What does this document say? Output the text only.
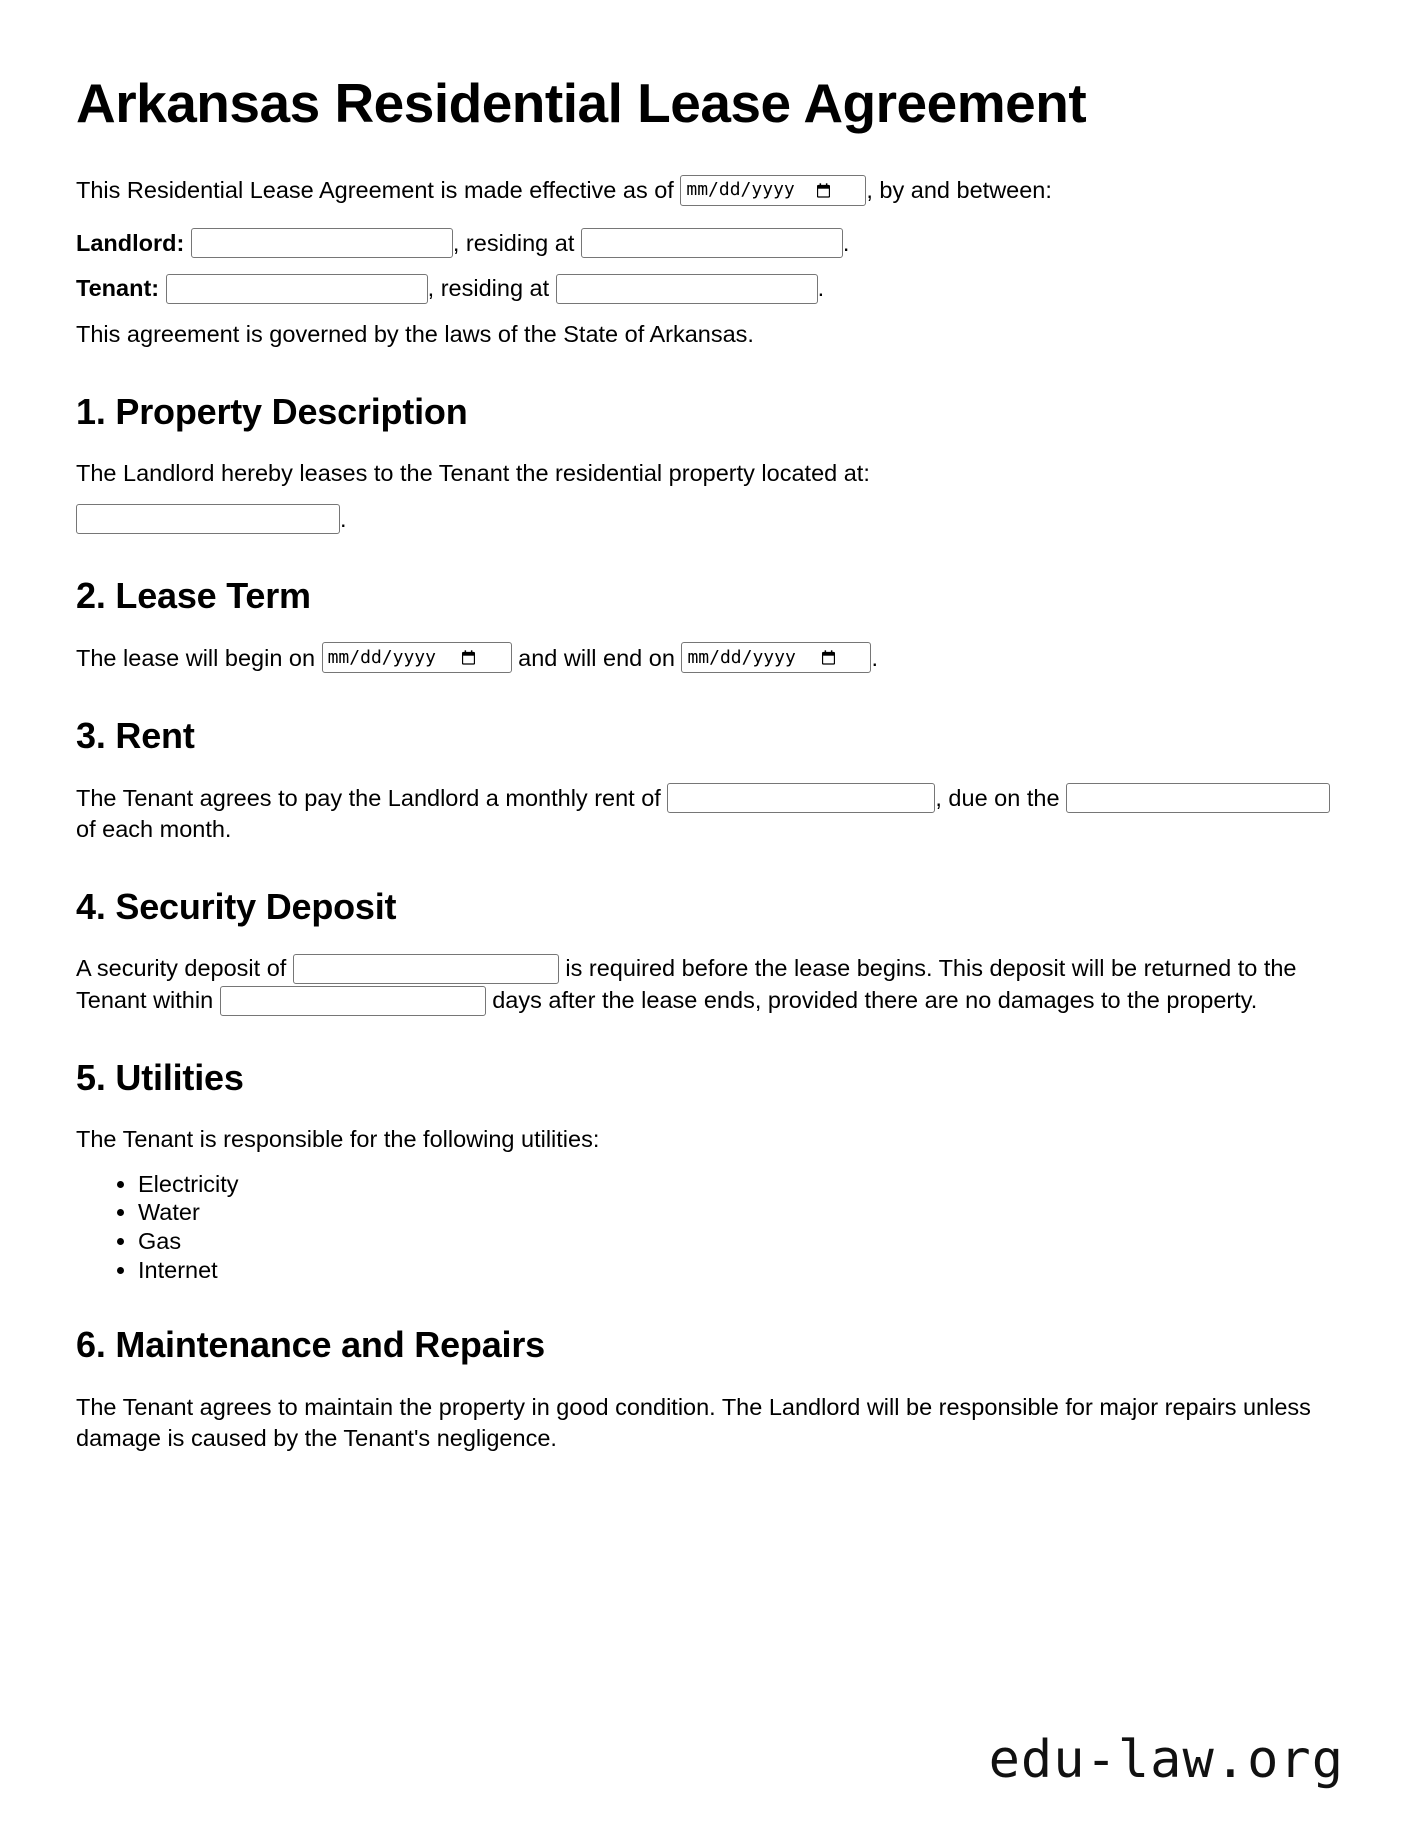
Arkansas Residential Lease Agreement

This Residential Lease Agreement is made effective as of mm/dd/yyyy	, by and between:

Landlord:	, residing at	.

Tenant:	, residing at	.

This agreement is governed by the laws of the State of Arkansas.

1. Property Description

The Landlord hereby leases to the Tenant the residential property located at:

.

2. Lease Term

The lease will begin on mm/dd/yyyy	and will end on mm/dd/yyyy	.

3. Rent

The Tenant agrees to pay the Landlord a monthly rent of	, due on the  of each month.

4. Security Deposit

A security deposit of	is required before the lease begins. This deposit will be returned to the Tenant within	days after the lease ends, provided there are no damages to the property.

5. Utilities

The Tenant is responsible for the following utilities:

• Electricity
• Water
• Gas
• Internet
6. Maintenance and Repairs

The Tenant agrees to maintain the property in good condition. The Landlord will be responsible for major repairs unless damage is caused by the Tenant's negligence.

edu-law.org
